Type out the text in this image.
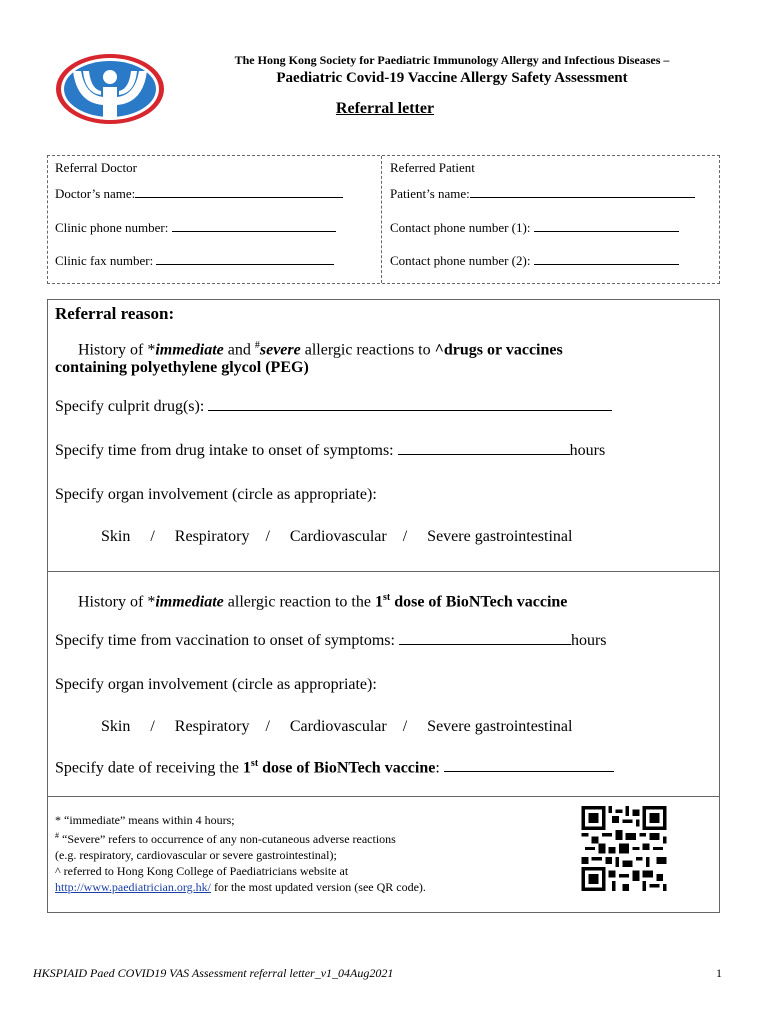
The Hong Kong Society for Paediatric Immunology Allergy and Infectious Diseases –
Paediatric Covid-19 Vaccine Allergy Safety Assessment
Referral letter
Referral Doctor
Doctor’s name:
Clinic phone number:
Clinic fax number:
Referred Patient
Patient’s name:
Contact phone number (1):
Contact phone number (2):
Referral reason:
History of *immediate and #severe allergic reactions to ^drugs or vaccines
containing polyethylene glycol (PEG)
Specify culprit drug(s):
Specify time from drug intake to onset of symptoms:	hours
Specify organ involvement (circle as appropriate):
Skin     /     Respiratory    /     Cardiovascular    /     Severe gastrointestinal
History of *immediate allergic reaction to the 1st dose of BioNTech vaccine
Specify time from vaccination to onset of symptoms:	hours
Specify organ involvement (circle as appropriate):
Skin     /     Respiratory    /     Cardiovascular    /     Severe gastrointestinal
Specify date of receiving the 1st dose of BioNTech vaccine:
* “immediate” means within 4 hours;
# “Severe” refers to occurrence of any non-cutaneous adverse reactions
(e.g. respiratory, cardiovascular or severe gastrointestinal);
^ referred to Hong Kong College of Paediatricians website at
http://www.paediatrician.org.hk/ for the most updated version (see QR code).
HKSPIAID Paed COVID19 VAS Assessment referral letter_v1_04Aug2021	1
